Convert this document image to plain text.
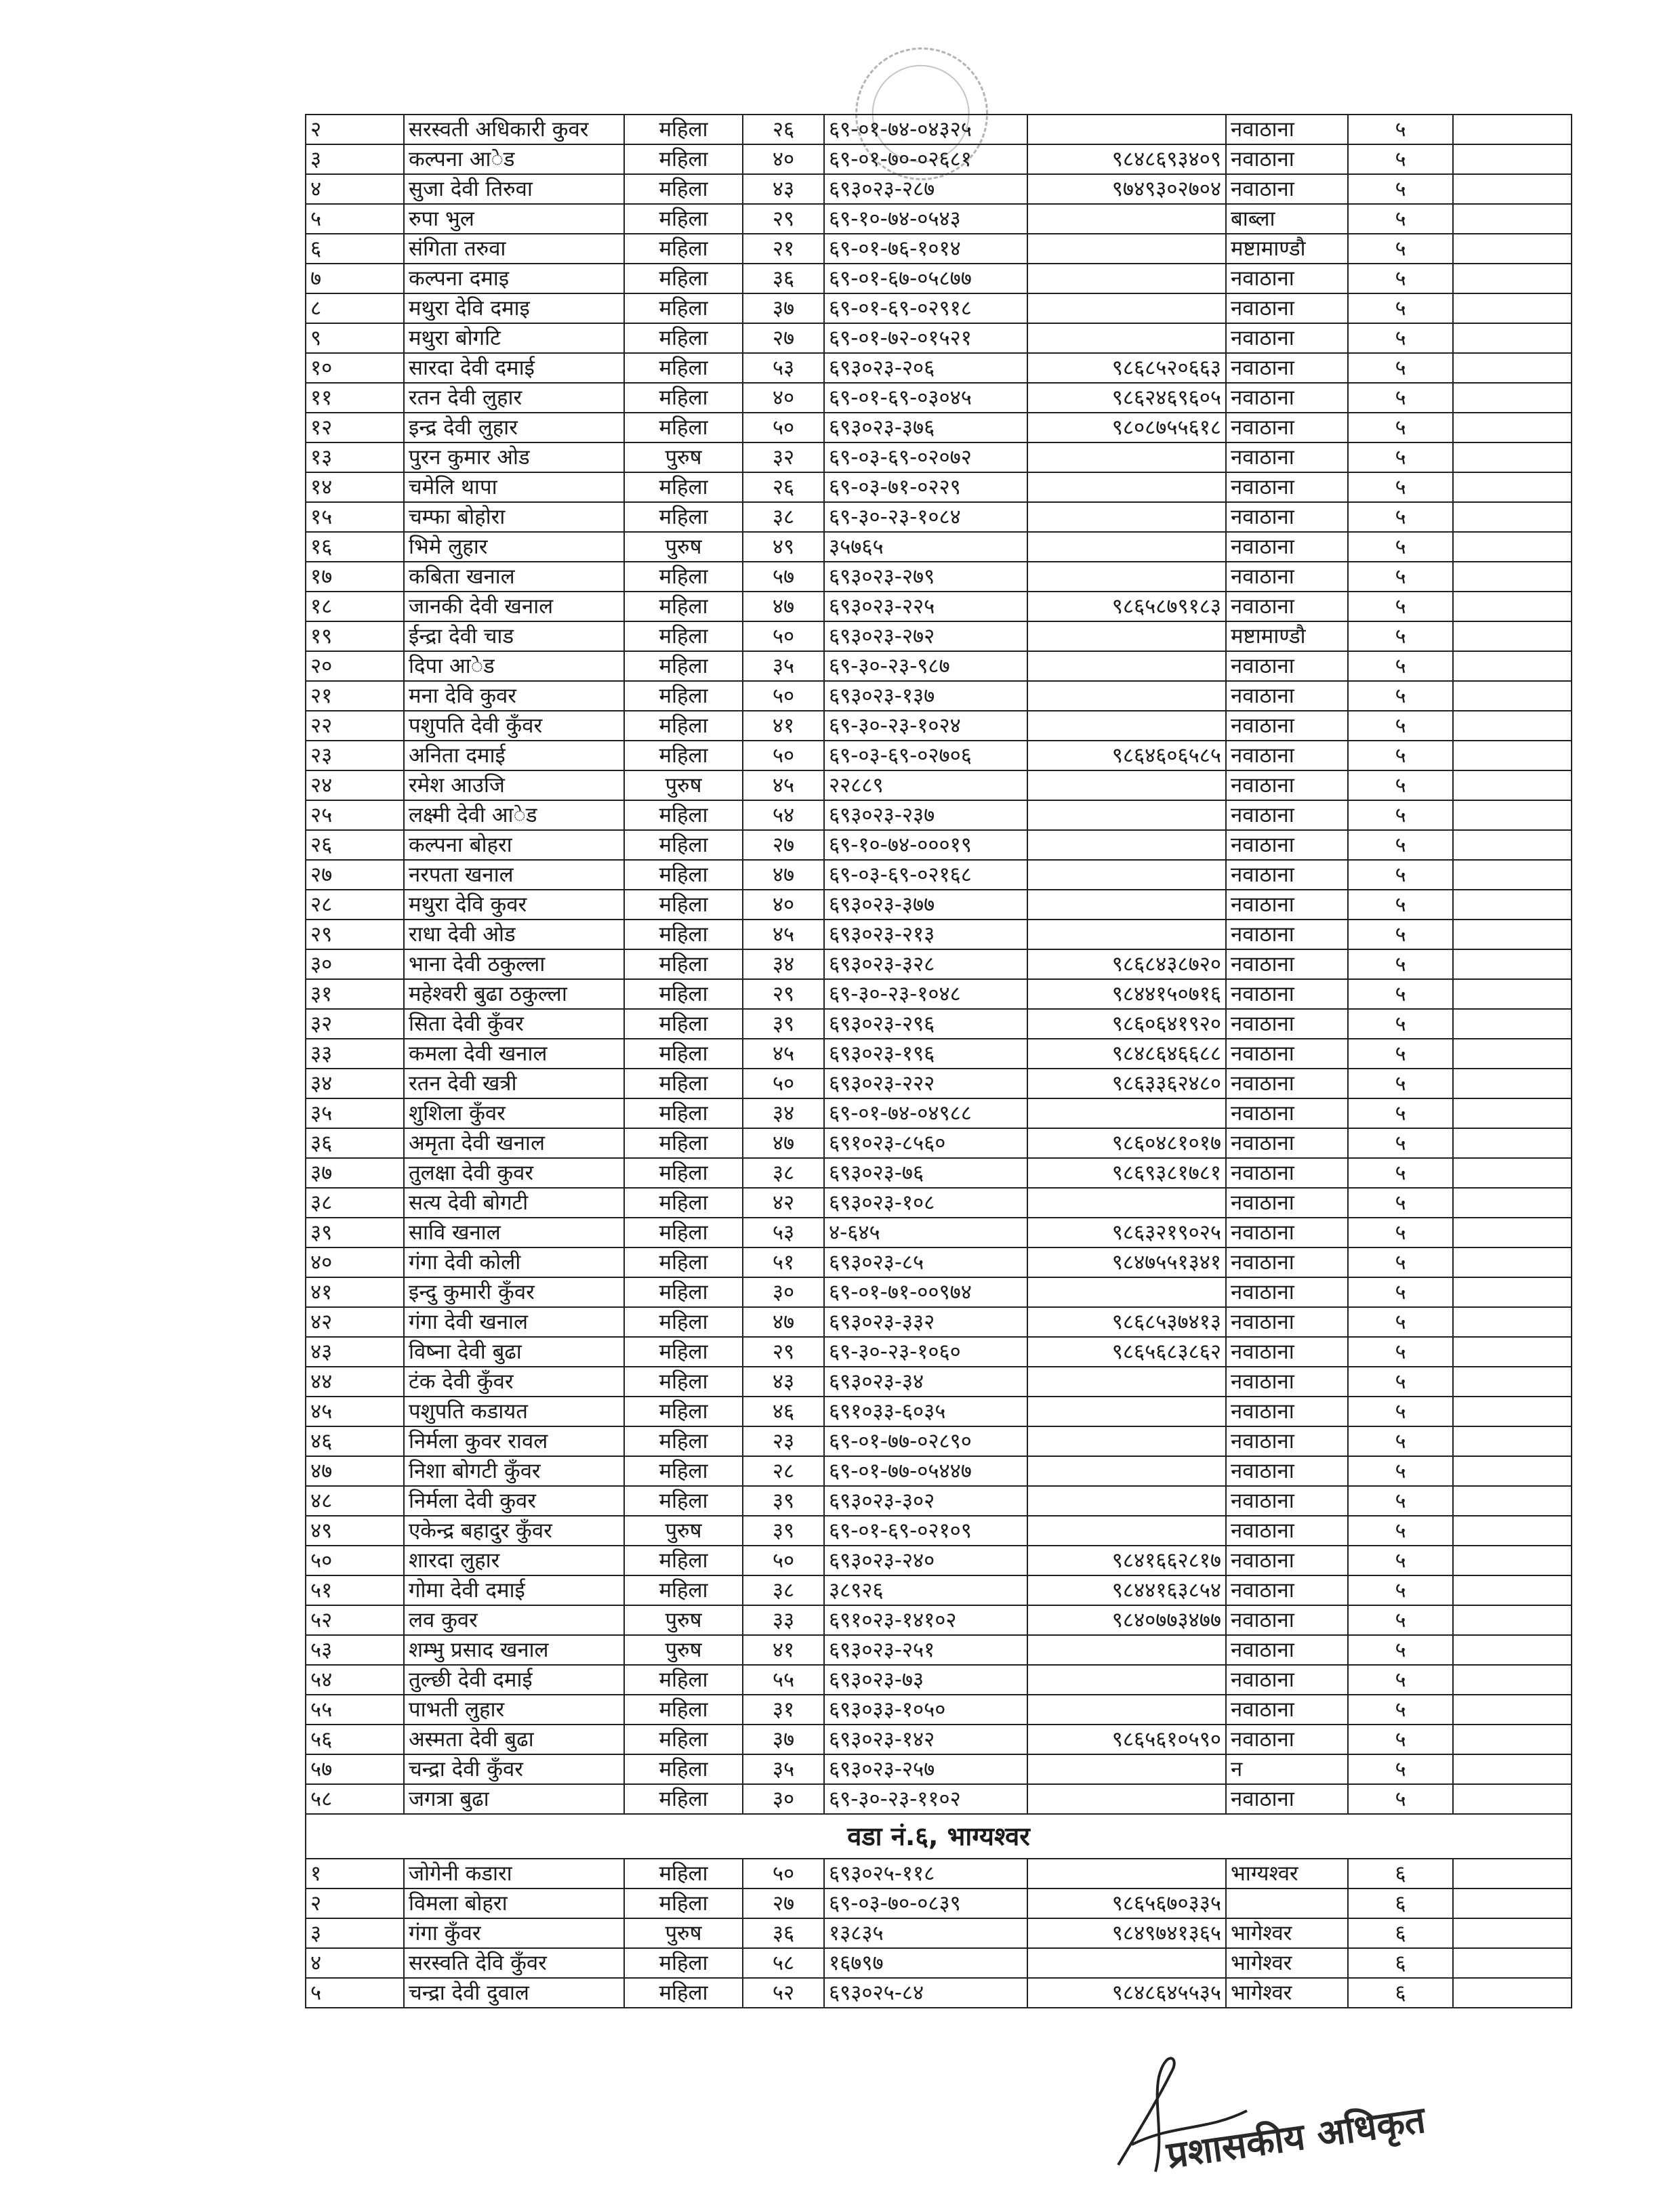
२	सरस्वती अधिकारी कुवर	महिला	२६	६९-०१-७४-०४३२५		नवाठाना	५	
३	कल्पना आ◌ेड	महिला	४०	६९-०१-७०-०२६८१	९८४८६९३४०९	नवाठाना	५	
४	सुजा देवी तिरुवा	महिला	४३	६९३०२३-२८७	९७४९३०२७०४	नवाठाना	५	
५	रुपा भुल	महिला	२९	६९-१०-७४-०५४३		बाब्ला	५	
६	संगिता तरुवा	महिला	२१	६९-०१-७६-१०१४		मष्टामाण्डौ	५	
७	कल्पना दमाइ	महिला	३६	६९-०१-६७-०५८७७		नवाठाना	५	
८	मथुरा देवि दमाइ	महिला	३७	६९-०१-६९-०२९१८		नवाठाना	५	
९	मथुरा बोगटि	महिला	२७	६९-०१-७२-०१५२१		नवाठाना	५	
१०	सारदा देवी दमाई	महिला	५३	६९३०२३-२०६	९८६८५२०६६३	नवाठाना	५	
११	रतन देवी लुहार	महिला	४०	६९-०१-६९-०३०४५	९८६२४६९६०५	नवाठाना	५	
१२	इन्द्र देवी लुहार	महिला	५०	६९३०२३-३७६	९८०८७५५६१८	नवाठाना	५	
१३	पुरन कुमार ओड	पुरुष	३२	६९-०३-६९-०२०७२		नवाठाना	५	
१४	चमेलि थापा	महिला	२६	६९-०३-७१-०२२९		नवाठाना	५	
१५	चम्फा बोहोरा	महिला	३८	६९-३०-२३-१०८४		नवाठाना	५	
१६	भिमे लुहार	पुरुष	४९	३५७६५		नवाठाना	५	
१७	कबिता खनाल	महिला	५७	६९३०२३-२७९		नवाठाना	५	
१८	जानकी देवी खनाल	महिला	४७	६९३०२३-२२५	९८६५८७९१८३	नवाठाना	५	
१९	ईन्द्रा देवी चाड	महिला	५०	६९३०२३-२७२		मष्टामाण्डौ	५	
२०	दिपा आ◌ेड	महिला	३५	६९-३०-२३-९८७		नवाठाना	५	
२१	मना देवि कुवर	महिला	५०	६९३०२३-१३७		नवाठाना	५	
२२	पशुपति देवी कुँवर	महिला	४१	६९-३०-२३-१०२४		नवाठाना	५	
२३	अनिता दमाई	महिला	५०	६९-०३-६९-०२७०६	९८६४६०६५८५	नवाठाना	५	
२४	रमेश आउजि	पुरुष	४५	२२८८९		नवाठाना	५	
२५	लक्ष्मी देवी आ◌ेड	महिला	५४	६९३०२३-२३७		नवाठाना	५	
२६	कल्पना बोहरा	महिला	२७	६९-१०-७४-०००१९		नवाठाना	५	
२७	नरपता खनाल	महिला	४७	६९-०३-६९-०२१६८		नवाठाना	५	
२८	मथुरा देवि कुवर	महिला	४०	६९३०२३-३७७		नवाठाना	५	
२९	राधा देवी ओड	महिला	४५	६९३०२३-२१३		नवाठाना	५	
३०	भाना देवी ठकुल्ला	महिला	३४	६९३०२३-३२८	९८६८४३८७२०	नवाठाना	५	
३१	महेश्वरी बुढा ठकुल्ला	महिला	२९	६९-३०-२३-१०४८	९८४४१५०७१६	नवाठाना	५	
३२	सिता देवी कुँवर	महिला	३९	६९३०२३-२९६	९८६०६४१९२०	नवाठाना	५	
३३	कमला देवी खनाल	महिला	४५	६९३०२३-१९६	९८४८६४६६८८	नवाठाना	५	
३४	रतन देवी खत्री	महिला	५०	६९३०२३-२२२	९८६३३६२४८०	नवाठाना	५	
३५	शुशिला कुँवर	महिला	३४	६९-०१-७४-०४९८८		नवाठाना	५	
३६	अमृता देवी खनाल	महिला	४७	६९१०२३-८५६०	९८६०४८१०१७	नवाठाना	५	
३७	तुलक्षा देवी कुवर	महिला	३८	६९३०२३-७६	९८६९३८१७८१	नवाठाना	५	
३८	सत्य देवी बोगटी	महिला	४२	६९३०२३-१०८		नवाठाना	५	
३९	सावि खनाल	महिला	५३	४-६४५	९८६३२१९०२५	नवाठाना	५	
४०	गंगा देवी कोली	महिला	५१	६९३०२३-८५	९८४७५५१३४१	नवाठाना	५	
४१	इन्दु कुमारी कुँवर	महिला	३०	६९-०१-७१-००९७४		नवाठाना	५	
४२	गंगा देवी खनाल	महिला	४७	६९३०२३-३३२	९८६८५३७४१३	नवाठाना	५	
४३	विष्ना देवी बुढा	महिला	२९	६९-३०-२३-१०६०	९८६५६८३८६२	नवाठाना	५	
४४	टंक देवी कुँवर	महिला	४३	६९३०२३-३४		नवाठाना	५	
४५	पशुपति कडायत	महिला	४६	६९१०३३-६०३५		नवाठाना	५	
४६	निर्मला कुवर रावल	महिला	२३	६९-०१-७७-०२८९०		नवाठाना	५	
४७	निशा बोगटी कुँवर	महिला	२८	६९-०१-७७-०५४४७		नवाठाना	५	
४८	निर्मला देवी कुवर	महिला	३९	६९३०२३-३०२		नवाठाना	५	
४९	एकेन्द्र बहादुर कुँवर	पुरुष	३९	६९-०१-६९-०२१०९		नवाठाना	५	
५०	शारदा लुहार	महिला	५०	६९३०२३-२४०	९८४१६६२८१७	नवाठाना	५	
५१	गोमा देवी दमाई	महिला	३८	३८९२६	९८४४१६३८५४	नवाठाना	५	
५२	लव कुवर	पुरुष	३३	६९१०२३-१४१०२	९८४०७७३४७७	नवाठाना	५	
५३	शम्भु प्रसाद खनाल	पुरुष	४१	६९३०२३-२५१		नवाठाना	५	
५४	तुल्छी देवी दमाई	महिला	५५	६९३०२३-७३		नवाठाना	५	
५५	पाभती लुहार	महिला	३१	६९३०३३-१०५०		नवाठाना	५	
५६	अस्मता देवी बुढा	महिला	३७	६९३०२३-१४२	९८६५६१०५९०	नवाठाना	५	
५७	चन्द्रा देवी कुँवर	महिला	३५	६९३०२३-२५७		न	५	
५८	जगत्रा बुढा	महिला	३०	६९-३०-२३-११०२		नवाठाना	५	
वडा नं.६, भाग्यश्वर								
१	जोगेनी कडारा	महिला	५०	६९३०२५-११८		भाग्यश्वर	६	
२	विमला बोहरा	महिला	२७	६९-०३-७०-०८३९	९८६५६७०३३५		६	
३	गंगा कुँवर	पुरुष	३६	१३८३५	९८४९७४१३६५	भागेश्वर	६	
४	सरस्वति देवि कुँवर	महिला	५८	१६७९७		भागेश्वर	६	
५	चन्द्रा देवी दुवाल	महिला	५२	६९३०२५-८४	९८४८६४५५३५	भागेश्वर	६	
प्रशासकीय अधिकृत
